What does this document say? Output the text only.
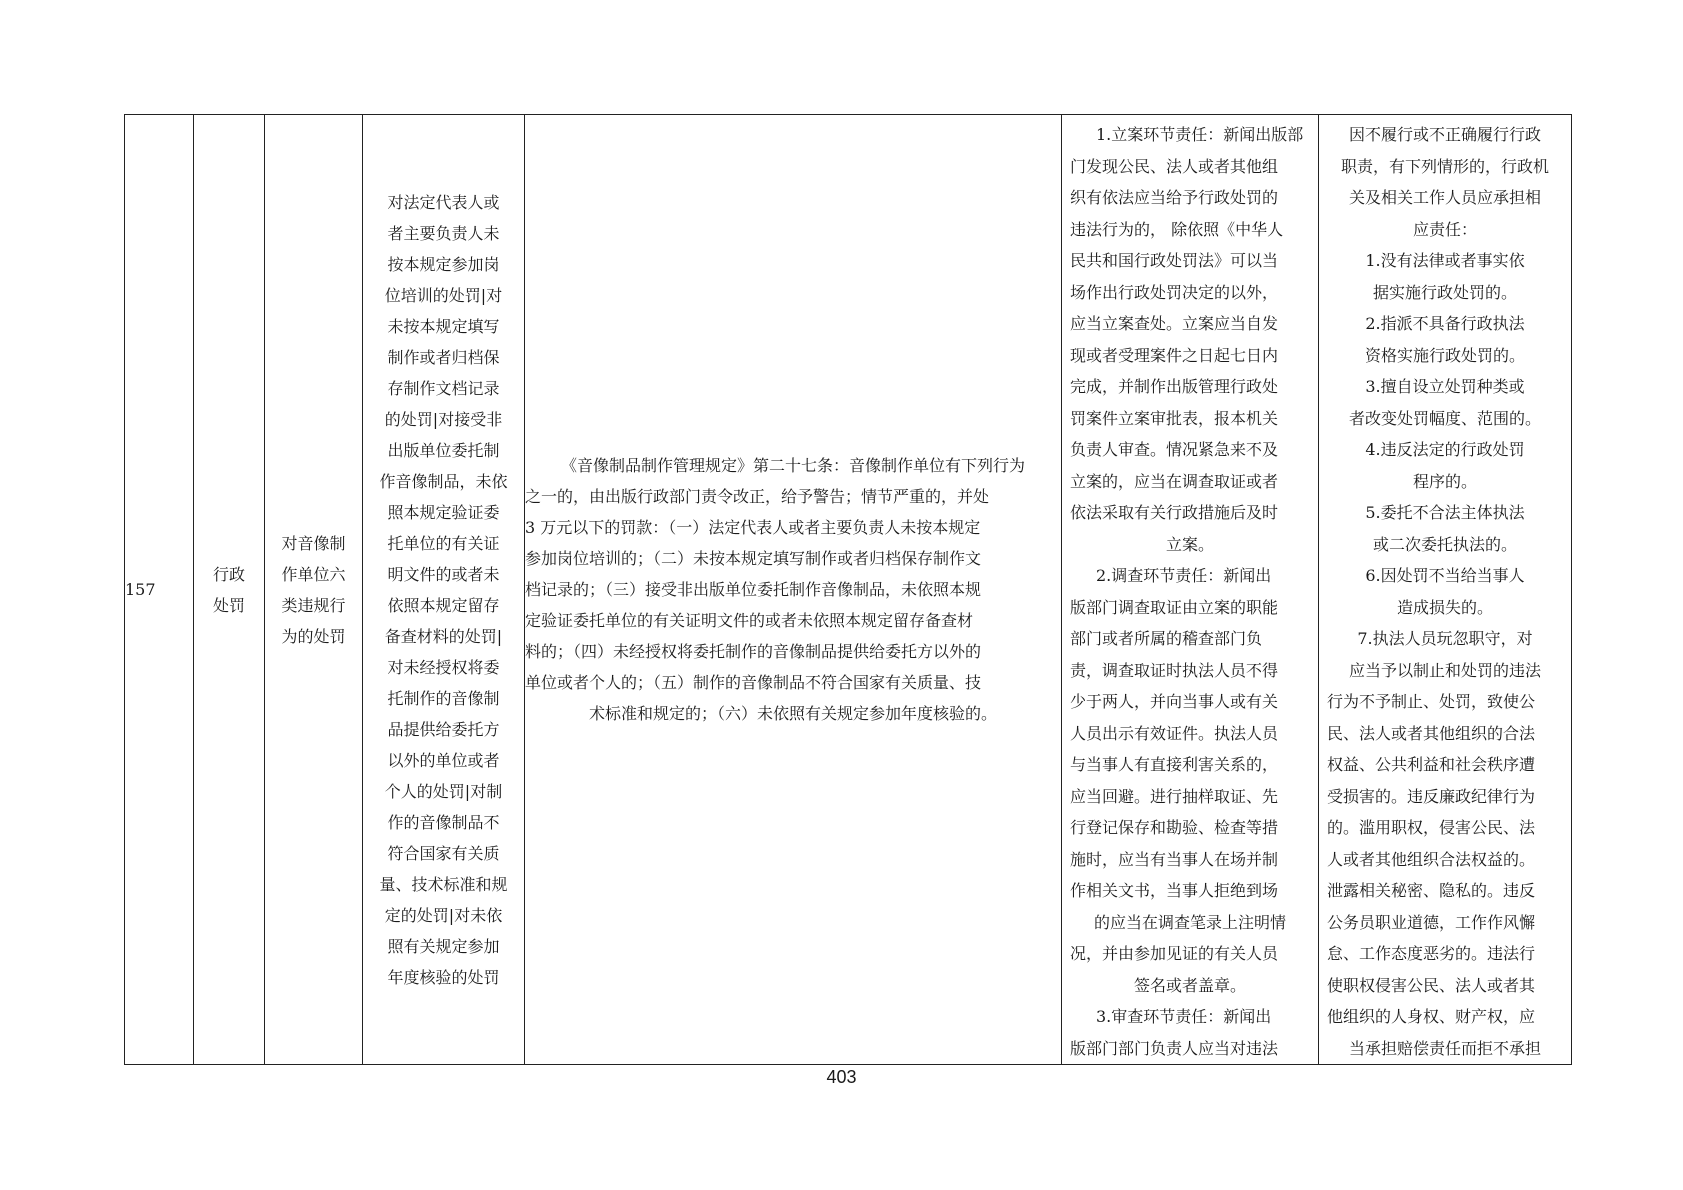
157	
行政
处罚

对音像制
作单位六
类违规行
为的处罚

对法定代表人或
者主要负责人未
按本规定参加岗
位培训的处罚|对
未按本规定填写
制作或者归档保
存制作文档记录
的处罚|对接受非
出版单位委托制
作音像制品，未依
照本规定验证委
托单位的有关证
明文件的或者未
依照本规定留存
备查材料的处罚|
对未经授权将委
托制作的音像制
品提供给委托方
以外的单位或者
个人的处罚|对制
作的音像制品不
符合国家有关质
量、技术标准和规
定的处罚|对未依
照有关规定参加
年度核验的处罚

《音像制品制作管理规定》第二十七条：音像制作单位有下列行为
之一的，由出版行政部门责令改正，给予警告；情节严重的，并处
3 万元以下的罚款：（一）法定代表人或者主要负责人未按本规定
参加岗位培训的；（二）未按本规定填写制作或者归档保存制作文
档记录的；（三）接受非出版单位委托制作音像制品，未依照本规
定验证委托单位的有关证明文件的或者未依照本规定留存备查材
料的；（四）未经授权将委托制作的音像制品提供给委托方以外的
单位或者个人的；（五）制作的音像制品不符合国家有关质量、技
术标准和规定的；（六）未依照有关规定参加年度核验的。

1.立案环节责任：新闻出版部
门发现公民、法人或者其他组
织有依法应当给予行政处罚的
违法行为的， 除依照《中华人
民共和国行政处罚法》可以当
场作出行政处罚决定的以外，
应当立案查处。立案应当自发
现或者受理案件之日起七日内
完成，并制作出版管理行政处
罚案件立案审批表，报本机关
负责人审查。情况紧急来不及
立案的，应当在调查取证或者
依法采取有关行政措施后及时
立案。
2.调查环节责任：新闻出
版部门调查取证由立案的职能
部门或者所属的稽查部门负
责，调查取证时执法人员不得
少于两人，并向当事人或有关
人员出示有效证件。执法人员
与当事人有直接利害关系的，
应当回避。进行抽样取证、先
行登记保存和勘验、检查等措
施时，应当有当事人在场并制
作相关文书，当事人拒绝到场
的应当在调查笔录上注明情
况，并由参加见证的有关人员
签名或者盖章。
3.审查环节责任：新闻出
版部门部门负责人应当对违法

因不履行或不正确履行行政
职责，有下列情形的，行政机
关及相关工作人员应承担相
应责任：
1.没有法律或者事实依
据实施行政处罚的。
2.指派不具备行政执法
资格实施行政处罚的。
3.擅自设立处罚种类或
者改变处罚幅度、范围的。
4.违反法定的行政处罚
程序的。
5.委托不合法主体执法
或二次委托执法的。
6.因处罚不当给当事人
造成损失的。
7.执法人员玩忽职守，对
应当予以制止和处罚的违法
行为不予制止、处罚，致使公
民、法人或者其他组织的合法
权益、公共利益和社会秩序遭
受损害的。违反廉政纪律行为
的。滥用职权，侵害公民、法
人或者其他组织合法权益的。
泄露相关秘密、隐私的。违反
公务员职业道德，工作作风懈
怠、工作态度恶劣的。违法行
使职权侵害公民、法人或者其
他组织的人身权、财产权，应
当承担赔偿责任而拒不承担
403
